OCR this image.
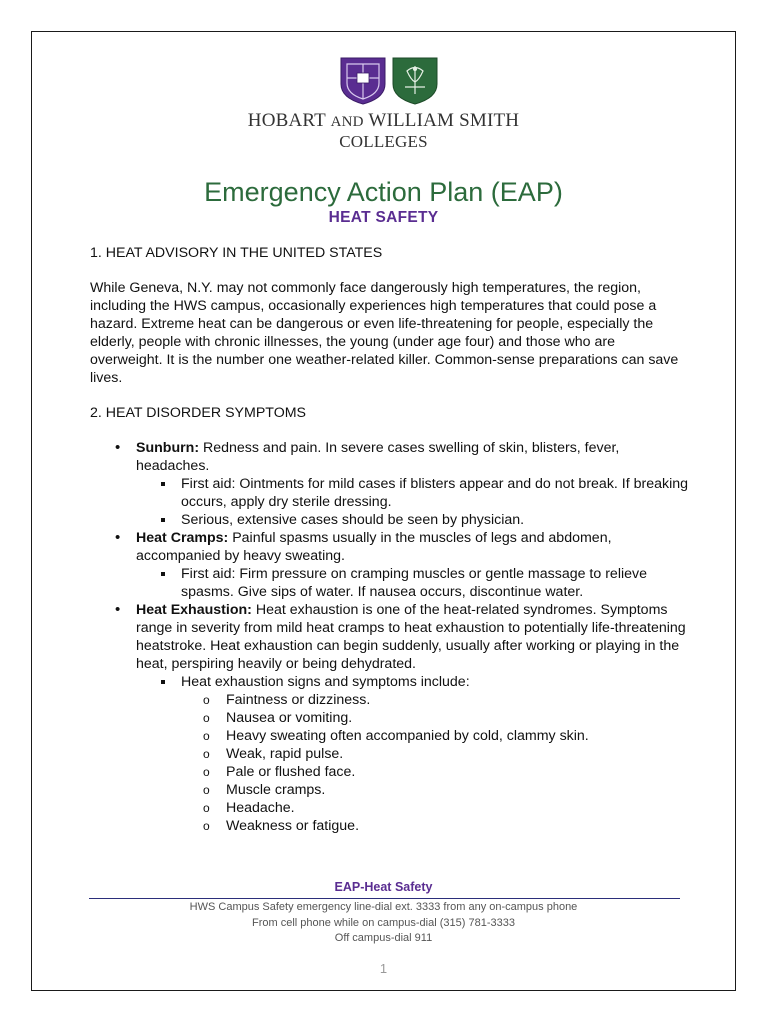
HOBART AND WILLIAM SMITH
COLLEGES
Emergency Action Plan (EAP)
HEAT SAFETY
1. HEAT ADVISORY IN THE UNITED STATES
While Geneva, N.Y. may not commonly face dangerously high temperatures, the region, including the HWS campus, occasionally experiences high temperatures that could pose a hazard. Extreme heat can be dangerous or even life-threatening for people, especially the elderly, people with chronic illnesses, the young (under age four) and those who are overweight. It is the number one weather-related killer. Common-sense preparations can save lives.
2. HEAT DISORDER SYMPTOMS
• Sunburn: Redness and pain. In severe cases swelling of skin, blisters, fever, headaches.
First aid: Ointments for mild cases if blisters appear and do not break. If breaking occurs, apply dry sterile dressing.
Serious, extensive cases should be seen by physician.
• Heat Cramps: Painful spasms usually in the muscles of legs and abdomen, accompanied by heavy sweating.
First aid: Firm pressure on cramping muscles or gentle massage to relieve spasms. Give sips of water. If nausea occurs, discontinue water.
• Heat Exhaustion: Heat exhaustion is one of the heat-related syndromes. Symptoms range in severity from mild heat cramps to heat exhaustion to potentially life-threatening heatstroke. Heat exhaustion can begin suddenly, usually after working or playing in the heat, perspiring heavily or being dehydrated.
Heat exhaustion signs and symptoms include:
o Faintness or dizziness.
o Nausea or vomiting.
o Heavy sweating often accompanied by cold, clammy skin.
o Weak, rapid pulse.
o Pale or flushed face.
o Muscle cramps.
o Headache.
o Weakness or fatigue.
EAP-Heat Safety
HWS Campus Safety emergency line-dial ext. 3333 from any on-campus phone
From cell phone while on campus-dial (315) 781-3333
Off campus-dial 911
1
